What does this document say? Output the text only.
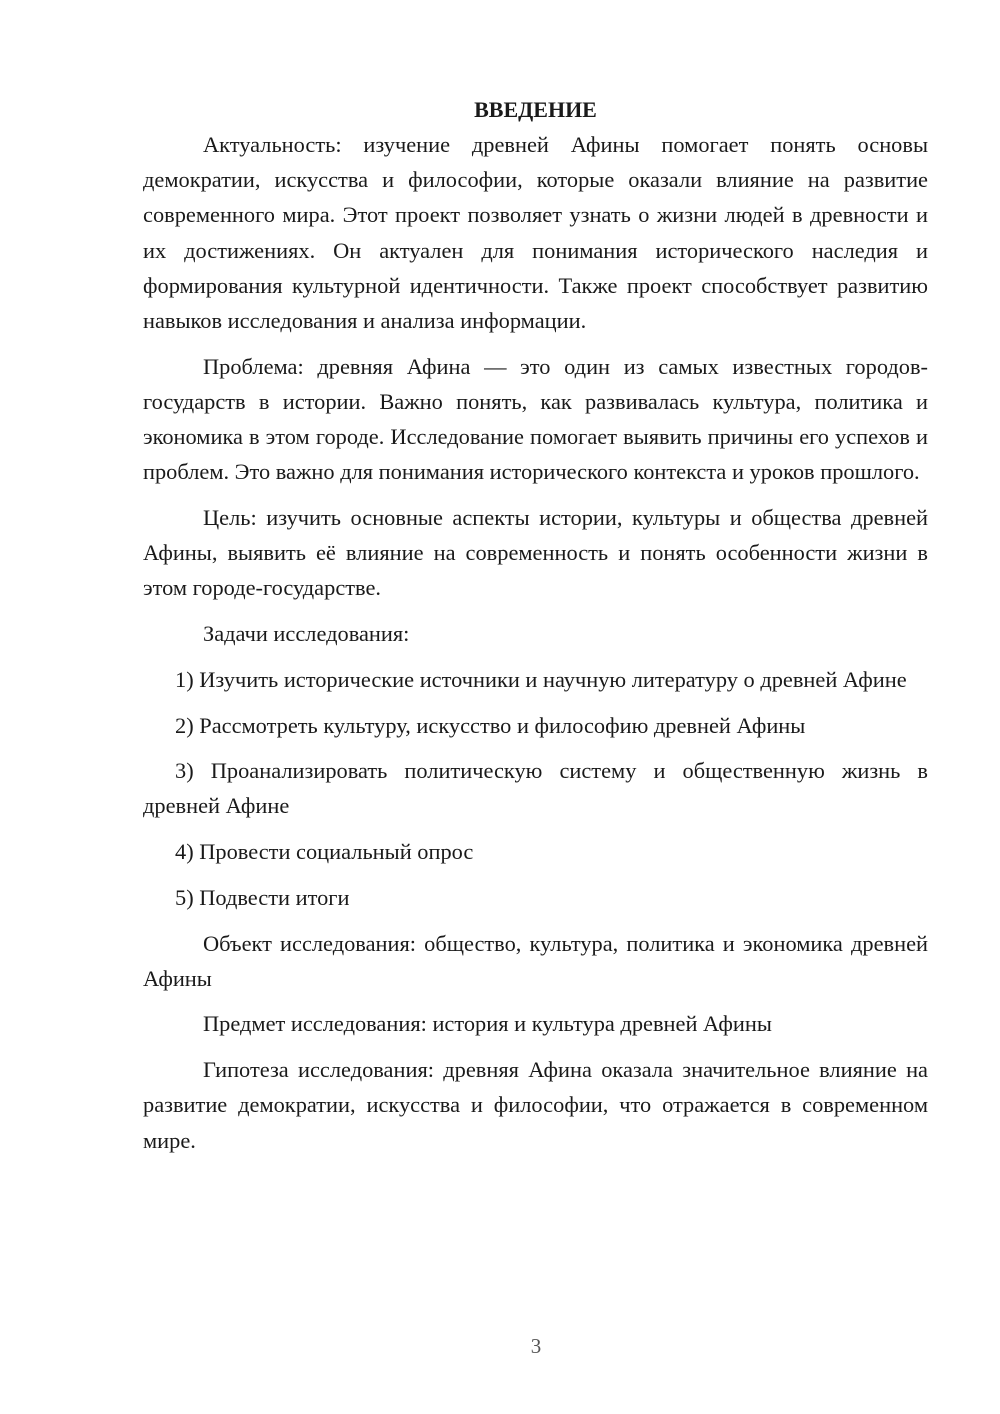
ВВЕДЕНИЕ

Актуальность: изучение древней Афины помогает понять основы демократии, искусства и философии, которые оказали влияние на развитие современного мира. Этот проект позволяет узнать о жизни людей в древности и их достижениях. Он актуален для понимания исторического наследия и формирования культурной идентичности. Также проект способствует развитию навыков исследования и анализа информации.

Проблема: древняя Афина — это один из самых известных городов-государств в истории. Важно понять, как развивалась культура, политика и экономика в этом городе. Исследование помогает выявить причины его успехов и проблем. Это важно для понимания исторического контекста и уроков прошлого.

Цель: изучить основные аспекты истории, культуры и общества древней Афины, выявить её влияние на современность и понять особенности жизни в этом городе-государстве.

Задачи исследования:

1) Изучить исторические источники и научную литературу о древней Афине

2) Рассмотреть культуру, искусство и философию древней Афины

3) Проанализировать политическую систему и общественную жизнь в древней Афине

4) Провести социальный опрос

5) Подвести итоги

Объект исследования: общество, культура, политика и экономика древней Афины

Предмет исследования: история и культура древней Афины

Гипотеза исследования: древняя Афина оказала значительное влияние на развитие демократии, искусства и философии, что отражается в современном мире.

3
